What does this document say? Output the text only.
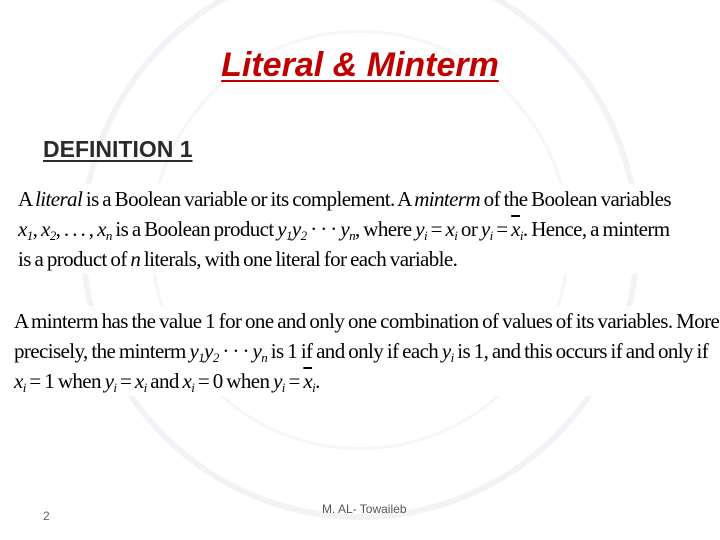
Literal & Minterm
DEFINITION 1
A literal is a Boolean variable or its complement. A minterm of the Boolean variables
$x_1$, $x_2$, . . . , $x_n$ is a Boolean product $y_1y_2$ · · · $y_n$, where $y_i = x_i$ or $y_i = \overline{x}_i$. Hence, a minterm
is a product of n literals, with one literal for each variable.
A minterm has the value 1 for one and only one combination of values of its variables. More
precisely, the minterm $y_1y_2$ · · · $y_n$ is 1 if and only if each $y_i$ is 1, and this occurs if and only if
$x_i = 1$ when $y_i = x_i$ and $x_i = 0$ when $y_i = \overline{x}_i$.
2	M. AL- Towaileb
